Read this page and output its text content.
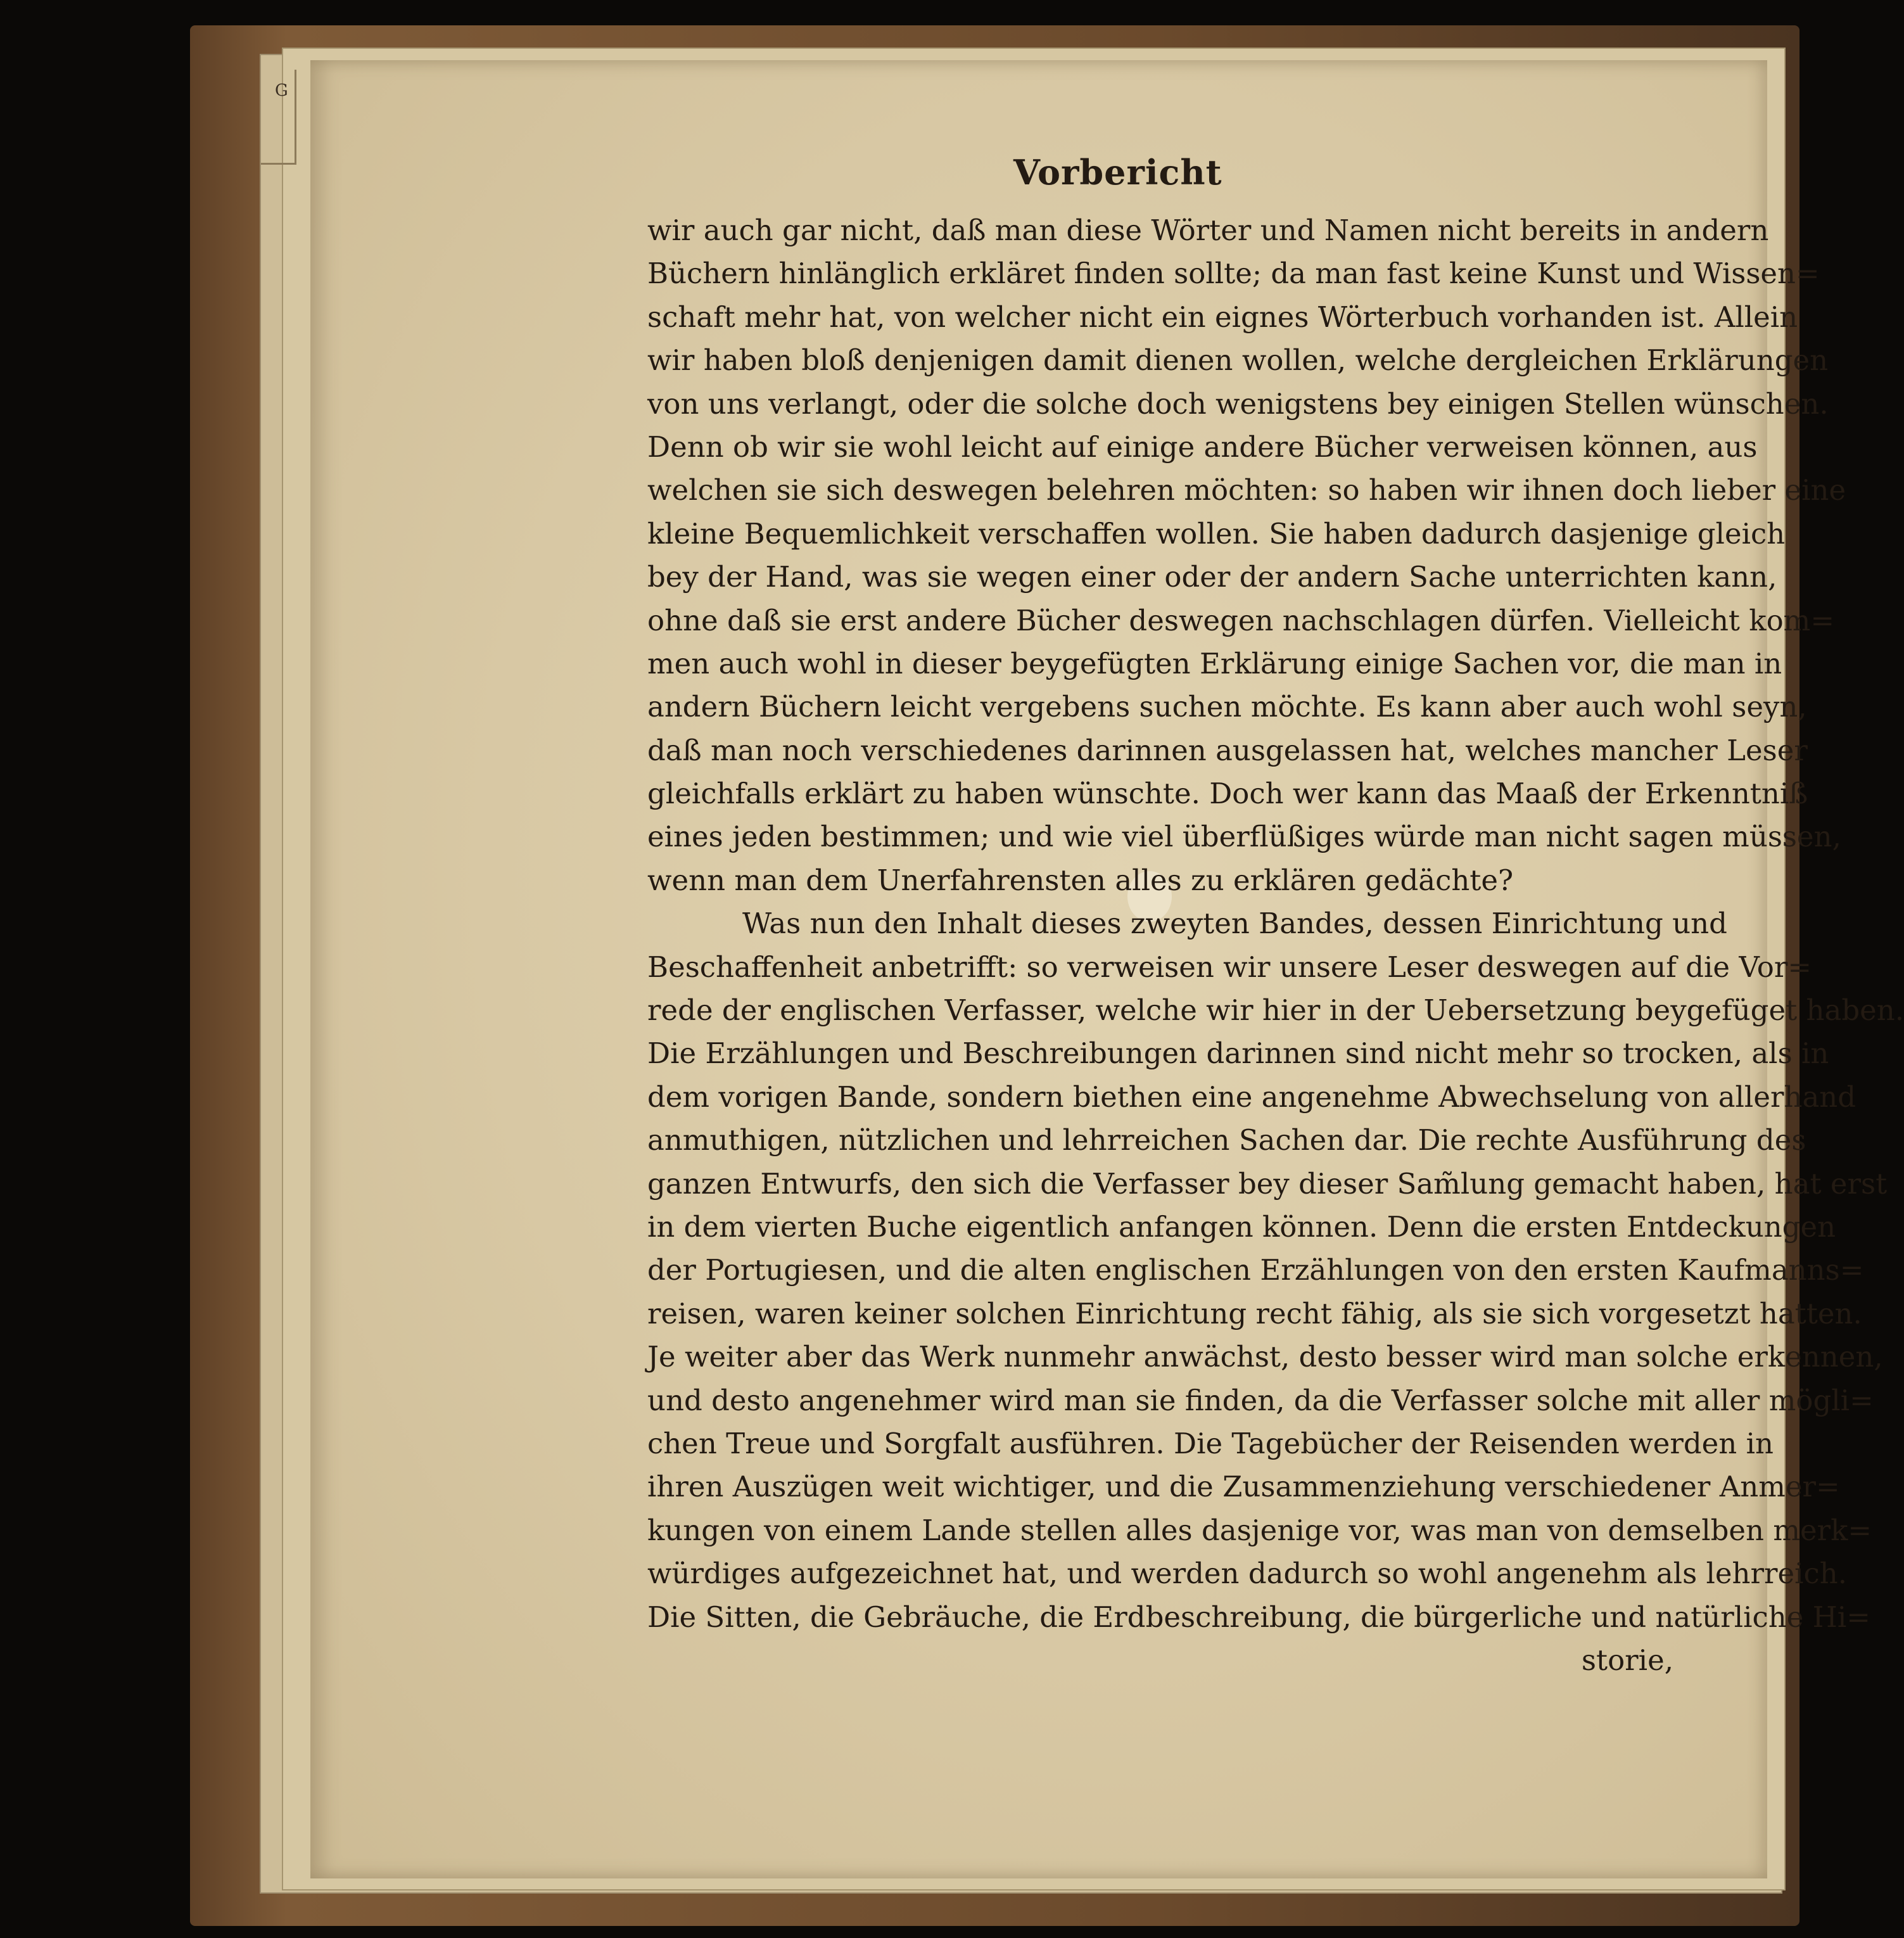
G
Vorbericht
wir auch gar nicht, daß man diese Wörter und Namen nicht bereits in andern
Büchern hinlänglich erkläret finden sollte; da man fast keine Kunst und Wissen=
schaft mehr hat, von welcher nicht ein eignes Wörterbuch vorhanden ist. Allein
wir haben bloß denjenigen damit dienen wollen, welche dergleichen Erklärungen
von uns verlangt, oder die solche doch wenigstens bey einigen Stellen wünschen.
Denn ob wir sie wohl leicht auf einige andere Bücher verweisen können, aus
welchen sie sich deswegen belehren möchten: so haben wir ihnen doch lieber eine
kleine Bequemlichkeit verschaffen wollen. Sie haben dadurch dasjenige gleich
bey der Hand, was sie wegen einer oder der andern Sache unterrichten kann,
ohne daß sie erst andere Bücher deswegen nachschlagen dürfen. Vielleicht kom=
men auch wohl in dieser beygefügten Erklärung einige Sachen vor, die man in
andern Büchern leicht vergebens suchen möchte. Es kann aber auch wohl seyn,
daß man noch verschiedenes darinnen ausgelassen hat, welches mancher Leser
gleichfalls erklärt zu haben wünschte. Doch wer kann das Maaß der Erkenntniß
eines jeden bestimmen; und wie viel überflüßiges würde man nicht sagen müssen,
wenn man dem Unerfahrensten alles zu erklären gedächte?
Was nun den Inhalt dieses zweyten Bandes, dessen Einrichtung und
Beschaffenheit anbetrifft: so verweisen wir unsere Leser deswegen auf die Vor=
rede der englischen Verfasser, welche wir hier in der Uebersetzung beygefüget haben.
Die Erzählungen und Beschreibungen darinnen sind nicht mehr so trocken, als in
dem vorigen Bande, sondern biethen eine angenehme Abwechselung von allerhand
anmuthigen, nützlichen und lehrreichen Sachen dar. Die rechte Ausführung des
ganzen Entwurfs, den sich die Verfasser bey dieser Sam̃lung gemacht haben, hat erst
in dem vierten Buche eigentlich anfangen können. Denn die ersten Entdeckungen
der Portugiesen, und die alten englischen Erzählungen von den ersten Kaufmanns=
reisen, waren keiner solchen Einrichtung recht fähig, als sie sich vorgesetzt hatten.
Je weiter aber das Werk nunmehr anwächst, desto besser wird man solche erkennen,
und desto angenehmer wird man sie finden, da die Verfasser solche mit aller mögli=
chen Treue und Sorgfalt ausführen. Die Tagebücher der Reisenden werden in
ihren Auszügen weit wichtiger, und die Zusammenziehung verschiedener Anmer=
kungen von einem Lande stellen alles dasjenige vor, was man von demselben merk=
würdiges aufgezeichnet hat, und werden dadurch so wohl angenehm als lehrreich.
Die Sitten, die Gebräuche, die Erdbeschreibung, die bürgerliche und natürliche Hi=
storie,
